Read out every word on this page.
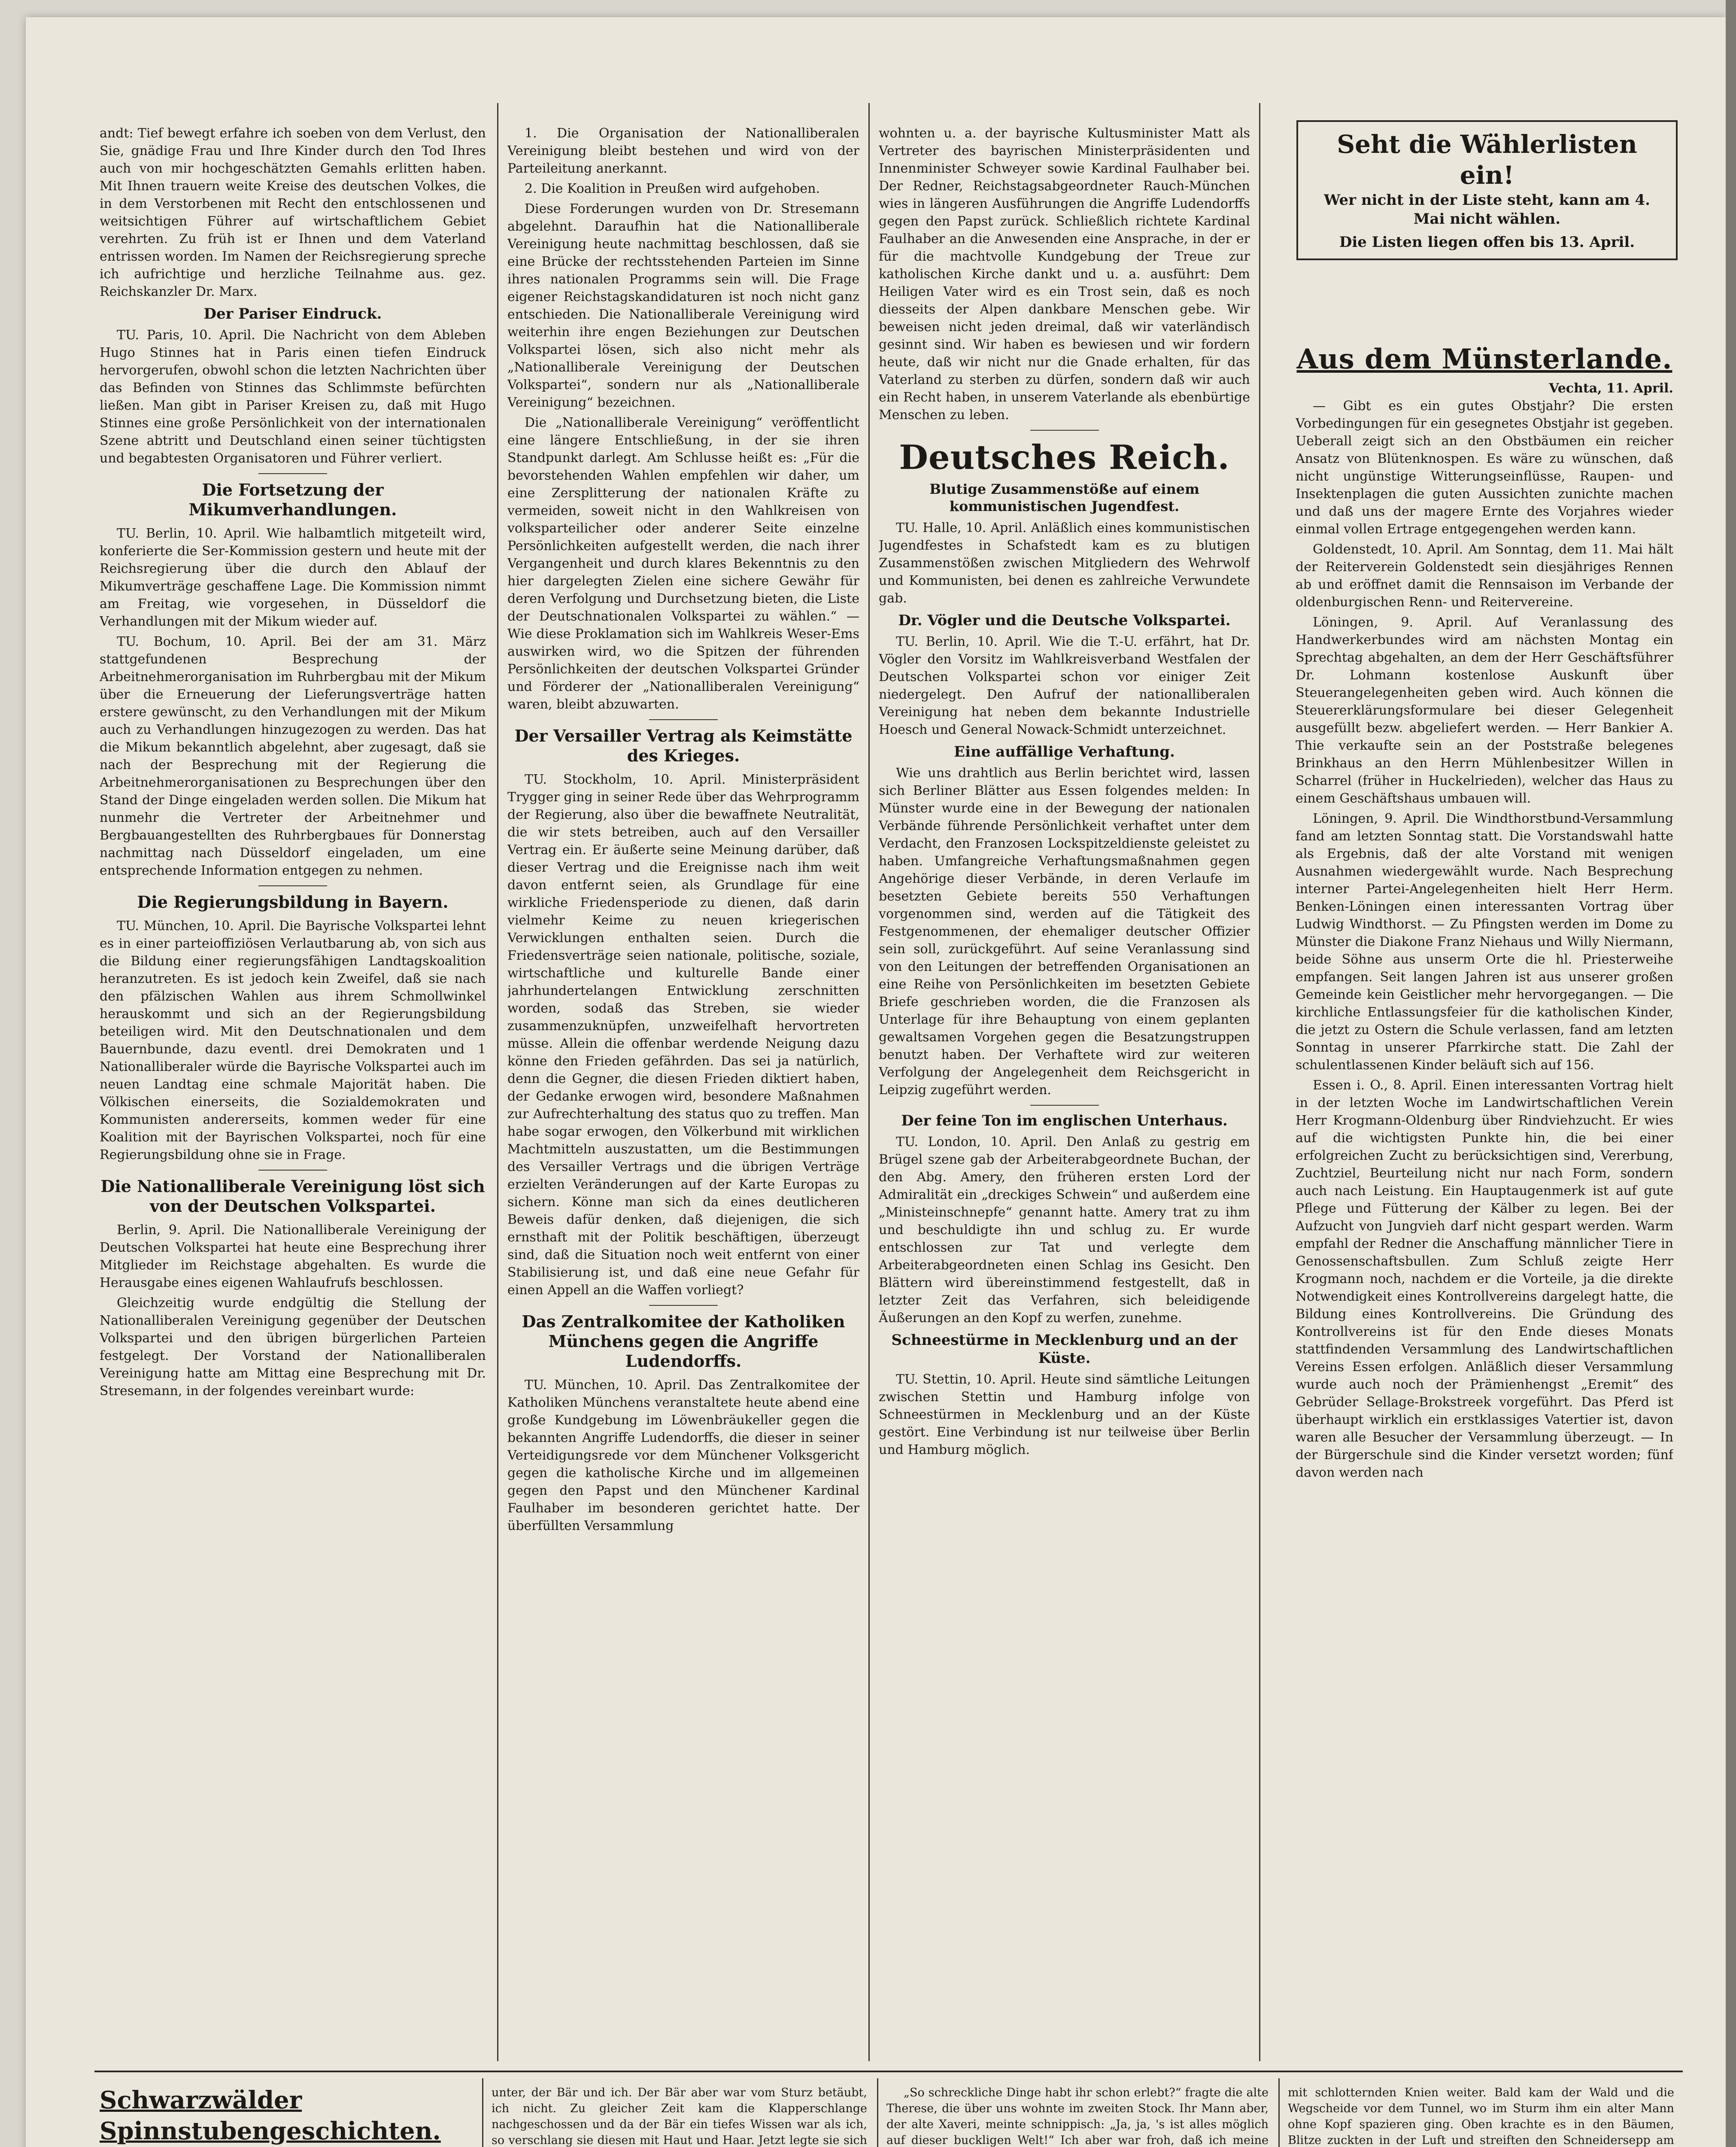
andt: Tief bewegt erfahre ich soeben von dem Verlust, den Sie, gnädige Frau und Ihre Kinder durch den Tod Ihres auch von mir hochgeschätzten Gemahls erlitten haben. Mit Ihnen trauern weite Kreise des deutschen Volkes, die in dem Verstorbenen mit Recht den entschlossenen und weitsichtigen Führer auf wirtschaftlichem Gebiet verehrten. Zu früh ist er Ihnen und dem Vaterland entrissen worden. Im Namen der Reichsregierung spreche ich aufrichtige und herzliche Teilnahme aus. gez. Reichskanzler Dr. Marx.

Der Pariser Eindruck.

TU. Paris, 10. April. Die Nachricht von dem Ableben Hugo Stinnes hat in Paris einen tiefen Eindruck hervorgerufen, obwohl schon die letzten Nachrichten über das Befinden von Stinnes das Schlimmste befürchten ließen. Man gibt in Pariser Kreisen zu, daß mit Hugo Stinnes eine große Persönlichkeit von der internationalen Szene abtritt und Deutschland einen seiner tüchtigsten und begabtesten Organisatoren und Führer verliert.

Die Fortsetzung der Mikumverhandlungen.

TU. Berlin, 10. April. Wie halbamtlich mitgeteilt wird, konferierte die Ser-Kommission gestern und heute mit der Reichsregierung über die durch den Ablauf der Mikumverträge geschaffene Lage. Die Kommission nimmt am Freitag, wie vorgesehen, in Düsseldorf die Verhandlungen mit der Mikum wieder auf.

TU. Bochum, 10. April. Bei der am 31. März stattgefundenen Besprechung der Arbeitnehmerorganisation im Ruhrbergbau mit der Mikum über die Erneuerung der Lieferungsverträge hatten erstere gewünscht, zu den Verhandlungen mit der Mikum auch zu Verhandlungen hinzugezogen zu werden. Das hat die Mikum bekanntlich abgelehnt, aber zugesagt, daß sie nach der Besprechung mit der Regierung die Arbeitnehmerorganisationen zu Besprechungen über den Stand der Dinge eingeladen werden sollen. Die Mikum hat nunmehr die Vertreter der Arbeitnehmer und Bergbauangestellten des Ruhrbergbaues für Donnerstag nachmittag nach Düsseldorf eingeladen, um eine entsprechende Information entgegen zu nehmen.

Die Regierungsbildung in Bayern.

TU. München, 10. April. Die Bayrische Volkspartei lehnt es in einer parteioffiziösen Verlautbarung ab, von sich aus die Bildung einer regierungsfähigen Landtagskoalition heranzutreten. Es ist jedoch kein Zweifel, daß sie nach den pfälzischen Wahlen aus ihrem Schmollwinkel herauskommt und sich an der Regierungsbildung beteiligen wird. Mit den Deutschnationalen und dem Bauernbunde, dazu eventl. drei Demokraten und 1 Nationalliberaler würde die Bayrische Volkspartei auch im neuen Landtag eine schmale Majorität haben. Die Völkischen einerseits, die Sozialdemokraten und Kommunisten andererseits, kommen weder für eine Koalition mit der Bayrischen Volkspartei, noch für eine Regierungsbildung ohne sie in Frage.

Die Nationalliberale Vereinigung löst sich von der Deutschen Volkspartei.

Berlin, 9. April. Die Nationalliberale Vereinigung der Deutschen Volkspartei hat heute eine Besprechung ihrer Mitglieder im Reichstage abgehalten. Es wurde die Herausgabe eines eigenen Wahlaufrufs beschlossen.

Gleichzeitig wurde endgültig die Stellung der Nationalliberalen Vereinigung gegenüber der Deutschen Volkspartei und den übrigen bürgerlichen Parteien festgelegt. Der Vorstand der Nationalliberalen Vereinigung hatte am Mittag eine Besprechung mit Dr. Stresemann, in der folgendes vereinbart wurde:

1. Die Organisation der Nationalliberalen Vereinigung bleibt bestehen und wird von der Parteileitung anerkannt.

2. Die Koalition in Preußen wird aufgehoben.

Diese Forderungen wurden von Dr. Stresemann abgelehnt. Daraufhin hat die Nationalliberale Vereinigung heute nachmittag beschlossen, daß sie eine Brücke der rechtsstehenden Parteien im Sinne ihres nationalen Programms sein will. Die Frage eigener Reichstagskandidaturen ist noch nicht ganz entschieden. Die Nationalliberale Vereinigung wird weiterhin ihre engen Beziehungen zur Deutschen Volkspartei lösen, sich also nicht mehr als „Nationalliberale Vereinigung der Deutschen Volkspartei“, sondern nur als „Nationalliberale Vereinigung“ bezeichnen.

Die „Nationalliberale Vereinigung“ veröffentlicht eine längere Entschließung, in der sie ihren Standpunkt darlegt. Am Schlusse heißt es: „Für die bevorstehenden Wahlen empfehlen wir daher, um eine Zersplitterung der nationalen Kräfte zu vermeiden, soweit nicht in den Wahlkreisen von volksparteilicher oder anderer Seite einzelne Persönlichkeiten aufgestellt werden, die nach ihrer Vergangenheit und durch klares Bekenntnis zu den hier dargelegten Zielen eine sichere Gewähr für deren Verfolgung und Durchsetzung bieten, die Liste der Deutschnationalen Volkspartei zu wählen.“ — Wie diese Proklamation sich im Wahlkreis Weser-Ems auswirken wird, wo die Spitzen der führenden Persönlichkeiten der deutschen Volkspartei Gründer und Förderer der „Nationalliberalen Vereinigung“ waren, bleibt abzuwarten.

Der Versailler Vertrag als Keimstätte des Krieges.

TU. Stockholm, 10. April. Ministerpräsident Trygger ging in seiner Rede über das Wehrprogramm der Regierung, also über die bewaffnete Neutralität, die wir stets betreiben, auch auf den Versailler Vertrag ein. Er äußerte seine Meinung darüber, daß dieser Vertrag und die Ereignisse nach ihm weit davon entfernt seien, als Grundlage für eine wirkliche Friedensperiode zu dienen, daß darin vielmehr Keime zu neuen kriegerischen Verwicklungen enthalten seien. Durch die Friedensverträge seien nationale, politische, soziale, wirtschaftliche und kulturelle Bande einer jahrhundertelangen Entwicklung zerschnitten worden, sodaß das Streben, sie wieder zusammenzuknüpfen, unzweifelhaft hervortreten müsse. Allein die offenbar werdende Neigung dazu könne den Frieden gefährden. Das sei ja natürlich, denn die Gegner, die diesen Frieden diktiert haben, der Gedanke erwogen wird, besondere Maßnahmen zur Aufrechterhaltung des status quo zu treffen. Man habe sogar erwogen, den Völkerbund mit wirklichen Machtmitteln auszustatten, um die Bestimmungen des Versailler Vertrags und die übrigen Verträge erzielten Veränderungen auf der Karte Europas zu sichern. Könne man sich da eines deutlicheren Beweis dafür denken, daß diejenigen, die sich ernsthaft mit der Politik beschäftigen, überzeugt sind, daß die Situation noch weit entfernt von einer Stabilisierung ist, und daß eine neue Gefahr für einen Appell an die Waffen vorliegt?

Das Zentralkomitee der Katholiken Münchens gegen die Angriffe Ludendorffs.

TU. München, 10. April. Das Zentralkomitee der Katholiken Münchens veranstaltete heute abend eine große Kundgebung im Löwenbräukeller gegen die bekannten Angriffe Ludendorffs, die dieser in seiner Verteidigungsrede vor dem Münchener Volksgericht gegen die katholische Kirche und im allgemeinen gegen den Papst und den Münchener Kardinal Faulhaber im besonderen gerichtet hatte. Der überfüllten Versammlung

wohnten u. a. der bayrische Kultusminister Matt als Vertreter des bayrischen Ministerpräsidenten und Innenminister Schweyer sowie Kardinal Faulhaber bei. Der Redner, Reichstagsabgeordneter Rauch-München wies in längeren Ausführungen die Angriffe Ludendorffs gegen den Papst zurück. Schließlich richtete Kardinal Faulhaber an die Anwesenden eine Ansprache, in der er für die machtvolle Kundgebung der Treue zur katholischen Kirche dankt und u. a. ausführt: Dem Heiligen Vater wird es ein Trost sein, daß es noch diesseits der Alpen dankbare Menschen gebe. Wir beweisen nicht jeden dreimal, daß wir vaterländisch gesinnt sind. Wir haben es bewiesen und wir fordern heute, daß wir nicht nur die Gnade erhalten, für das Vaterland zu sterben zu dürfen, sondern daß wir auch ein Recht haben, in unserem Vaterlande als ebenbürtige Menschen zu leben.

Deutsches Reich.
Blutige Zusammenstöße auf einem kommunistischen Jugendfest.

TU. Halle, 10. April. Anläßlich eines kommunistischen Jugendfestes in Schafstedt kam es zu blutigen Zusammenstößen zwischen Mitgliedern des Wehrwolf und Kommunisten, bei denen es zahlreiche Verwundete gab.

Dr. Vögler und die Deutsche Volkspartei.

TU. Berlin, 10. April. Wie die T.-U. erfährt, hat Dr. Vögler den Vorsitz im Wahlkreisverband Westfalen der Deutschen Volkspartei schon vor einiger Zeit niedergelegt. Den Aufruf der nationalliberalen Vereinigung hat neben dem bekannte Industrielle Hoesch und General Nowack-Schmidt unterzeichnet.

Eine auffällige Verhaftung.

Wie uns drahtlich aus Berlin berichtet wird, lassen sich Berliner Blätter aus Essen folgendes melden: In Münster wurde eine in der Bewegung der nationalen Verbände führende Persönlichkeit verhaftet unter dem Verdacht, den Franzosen Lockspitzeldienste geleistet zu haben. Umfangreiche Verhaftungsmaßnahmen gegen Angehörige dieser Verbände, in deren Verlaufe im besetzten Gebiete bereits 550 Verhaftungen vorgenommen sind, werden auf die Tätigkeit des Festgenommenen, der ehemaliger deutscher Offizier sein soll, zurückgeführt. Auf seine Veranlassung sind von den Leitungen der betreffenden Organisationen an eine Reihe von Persönlichkeiten im besetzten Gebiete Briefe geschrieben worden, die die Franzosen als Unterlage für ihre Behauptung von einem geplanten gewaltsamen Vorgehen gegen die Besatzungstruppen benutzt haben. Der Verhaftete wird zur weiteren Verfolgung der Angelegenheit dem Reichsgericht in Leipzig zugeführt werden.

Der feine Ton im englischen Unterhaus.

TU. London, 10. April. Den Anlaß zu gestrig em Brügel szene gab der Arbeiterabgeordnete Buchan, der den Abg. Amery, den früheren ersten Lord der Admiralität ein „dreckiges Schwein“ und außerdem eine „Ministeinschnepfe“ genannt hatte. Amery trat zu ihm und beschuldigte ihn und schlug zu. Er wurde entschlossen zur Tat und verlegte dem Arbeiterabgeordneten einen Schlag ins Gesicht. Den Blättern wird übereinstimmend festgestellt, daß in letzter Zeit das Verfahren, sich beleidigende Äußerungen an den Kopf zu werfen, zunehme.

Schneestürme in Mecklenburg und an der Küste.

TU. Stettin, 10. April. Heute sind sämtliche Leitungen zwischen Stettin und Hamburg infolge von Schneestürmen in Mecklenburg und an der Küste gestört. Eine Verbindung ist nur teilweise über Berlin und Hamburg möglich.

Seht die Wählerlisten ein!
Wer nicht in der Liste steht, kann am 4. Mai nicht wählen.
Die Listen liegen offen bis 13. April.
Aus dem Münsterlande.
Vechta, 11. April.

— Gibt es ein gutes Obstjahr? Die ersten Vorbedingungen für ein gesegnetes Obstjahr ist gegeben. Ueberall zeigt sich an den Obstbäumen ein reicher Ansatz von Blütenknospen. Es wäre zu wünschen, daß nicht ungünstige Witterungseinflüsse, Raupen- und Insektenplagen die guten Aussichten zunichte machen und daß uns der magere Ernte des Vorjahres wieder einmal vollen Ertrage entgegengehen werden kann.

Goldenstedt, 10. April. Am Sonntag, dem 11. Mai hält der Reiterverein Goldenstedt sein diesjähriges Rennen ab und eröffnet damit die Rennsaison im Verbande der oldenburgischen Renn- und Reitervereine.

Löningen, 9. April. Auf Veranlassung des Handwerkerbundes wird am nächsten Montag ein Sprechtag abgehalten, an dem der Herr Geschäftsführer Dr. Lohmann kostenlose Auskunft über Steuerangelegenheiten geben wird. Auch können die Steuererklärungsformulare bei dieser Gelegenheit ausgefüllt bezw. abgeliefert werden. — Herr Bankier A. Thie verkaufte sein an der Poststraße belegenes Brinkhaus an den Herrn Mühlenbesitzer Willen in Scharrel (früher in Huckelrieden), welcher das Haus zu einem Geschäftshaus umbauen will.

Löningen, 9. April. Die Windthorstbund-Versammlung fand am letzten Sonntag statt. Die Vorstandswahl hatte als Ergebnis, daß der alte Vorstand mit wenigen Ausnahmen wiedergewählt wurde. Nach Besprechung interner Partei-Angelegenheiten hielt Herr Herm. Benken-Löningen einen interessanten Vortrag über Ludwig Windthorst. — Zu Pfingsten werden im Dome zu Münster die Diakone Franz Niehaus und Willy Niermann, beide Söhne aus unserm Orte die hl. Priesterweihe empfangen. Seit langen Jahren ist aus unserer großen Gemeinde kein Geistlicher mehr hervorgegangen. — Die kirchliche Entlassungsfeier für die katholischen Kinder, die jetzt zu Ostern die Schule verlassen, fand am letzten Sonntag in unserer Pfarrkirche statt. Die Zahl der schulentlassenen Kinder beläuft sich auf 156.

Essen i. O., 8. April. Einen interessanten Vortrag hielt in der letzten Woche im Landwirtschaftlichen Verein Herr Krogmann-Oldenburg über Rindviehzucht. Er wies auf die wichtigsten Punkte hin, die bei einer erfolgreichen Zucht zu berücksichtigen sind, Vererbung, Zuchtziel, Beurteilung nicht nur nach Form, sondern auch nach Leistung. Ein Hauptaugenmerk ist auf gute Pflege und Fütterung der Kälber zu legen. Bei der Aufzucht von Jungvieh darf nicht gespart werden. Warm empfahl der Redner die Anschaffung männlicher Tiere in Genossenschaftsbullen. Zum Schluß zeigte Herr Krogmann noch, nachdem er die Vorteile, ja die direkte Notwendigkeit eines Kontrollvereins dargelegt hatte, die Bildung eines Kontrollvereins. Die Gründung des Kontrollvereins ist für den Ende dieses Monats stattfindenden Versammlung des Landwirtschaftlichen Vereins Essen erfolgen. Anläßlich dieser Versammlung wurde auch noch der Prämienhengst „Eremit“ des Gebrüder Sellage-Brokstreek vorgeführt. Das Pferd ist überhaupt wirklich ein erstklassiges Vatertier ist, davon waren alle Besucher der Versammlung überzeugt. — In der Bürgerschule sind die Kinder versetzt worden; fünf davon werden nach

Schwarzwälder Spinnstubengeschichten.

unter, der Bär und ich. Der Bär aber war vom Sturz betäubt, ich nicht. Zu gleicher Zeit kam die Klapperschlange nachgeschossen und da der Bär ein tiefes Wissen war als ich, so verschlang sie diesen mit Haut und Haar. Jetzt legte sie sich

„So schreckliche Dinge habt ihr schon erlebt?“ fragte die alte Therese, die über uns wohnte im zweiten Stock. Ihr Mann aber, der alte Xaveri, meinte schnippisch: „Ja, ja, 's ist alles möglich auf dieser buckligen Welt!“ Ich aber war froh, daß ich meine

mit schlotternden Knien weiter. Bald kam der Wald und die Wegscheide vor dem Tunnel, wo im Sturm ihm ein alter Mann ohne Kopf spazieren ging. Oben krachte es in den Bäumen, Blitze zuckten in der Luft und streiften den Schneidersepp am
